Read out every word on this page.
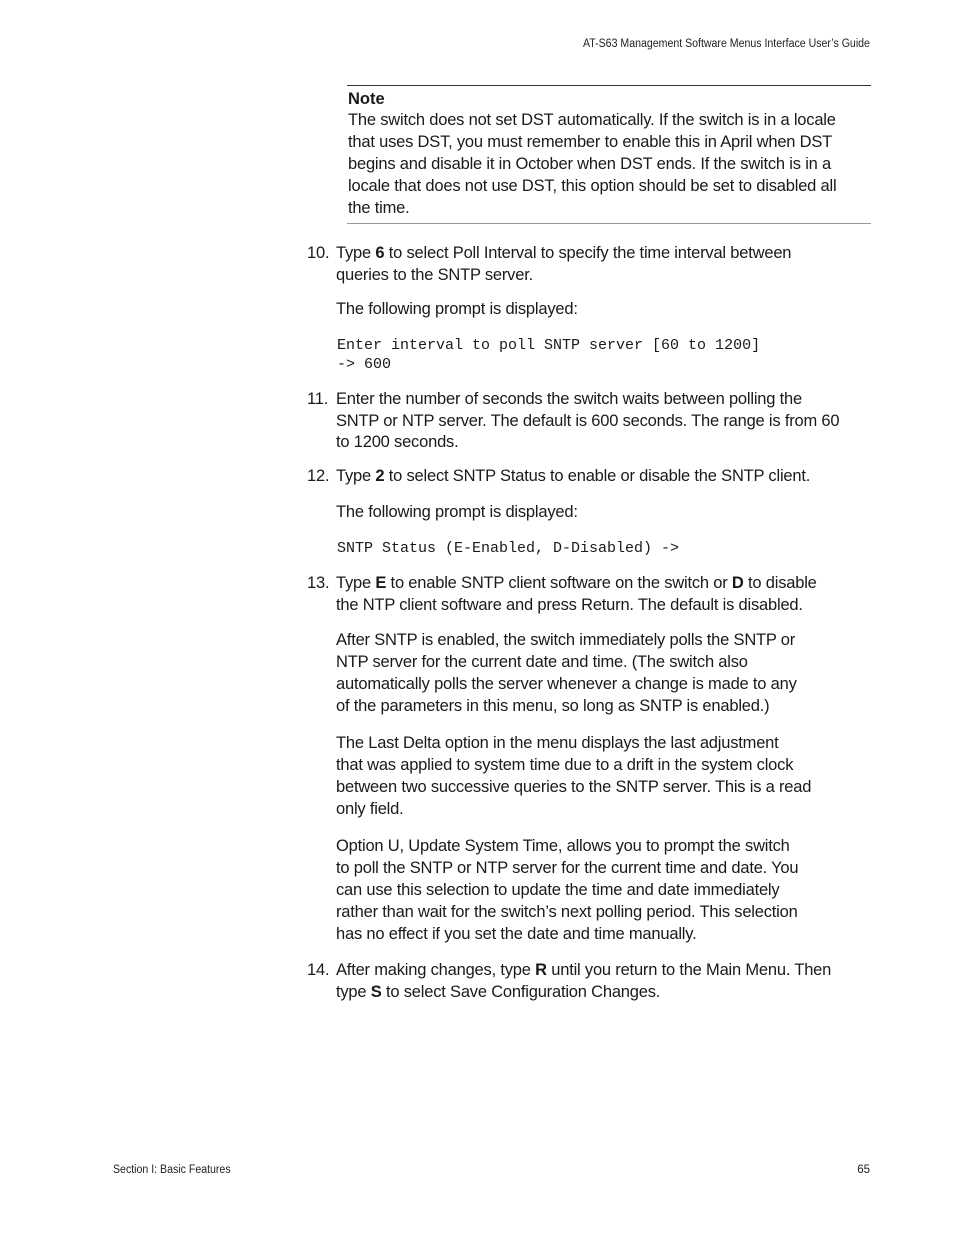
AT-S63 Management Software Menus Interface User’s Guide
Note
The switch does not set DST automatically. If the switch is in a locale
that uses DST, you must remember to enable this in April when DST
begins and disable it in October when DST ends. If the switch is in a
locale that does not use DST, this option should be set to disabled all
the time.
10. Type 6 to select Poll Interval to specify the time interval between
queries to the SNTP server.
The following prompt is displayed:
Enter interval to poll SNTP server [60 to 1200]
-> 600
11. Enter the number of seconds the switch waits between polling the
SNTP or NTP server. The default is 600 seconds. The range is from 60
to 1200 seconds.
12. Type 2 to select SNTP Status to enable or disable the SNTP client.
The following prompt is displayed:
SNTP Status (E-Enabled, D-Disabled) ->
13. Type E to enable SNTP client software on the switch or D to disable
the NTP client software and press Return. The default is disabled.
After SNTP is enabled, the switch immediately polls the SNTP or
NTP server for the current date and time. (The switch also
automatically polls the server whenever a change is made to any
of the parameters in this menu, so long as SNTP is enabled.)
The Last Delta option in the menu displays the last adjustment
that was applied to system time due to a drift in the system clock
between two successive queries to the SNTP server. This is a read
only field.
Option U, Update System Time, allows you to prompt the switch
to poll the SNTP or NTP server for the current time and date. You
can use this selection to update the time and date immediately
rather than wait for the switch’s next polling period. This selection
has no effect if you set the date and time manually.
14. After making changes, type R until you return to the Main Menu. Then
type S to select Save Configuration Changes.
Section I: Basic Features	65
